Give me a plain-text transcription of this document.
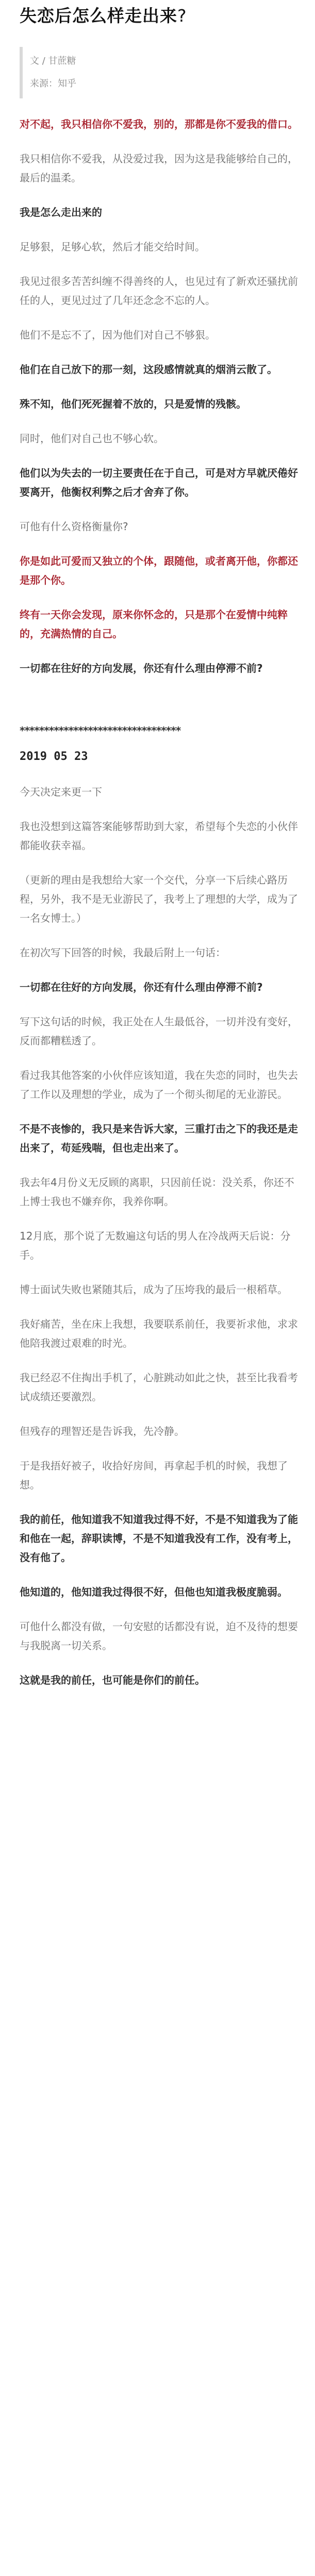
失恋后怎么样走出来?
文 / 甘蔗糖
来源：知乎

对不起，我只相信你不爱我，别的，那都是你不爱我的借口。

我只相信你不爱我，从没爱过我，因为这是我能够给自己的，最后的温柔。

我是怎么走出来的

足够狠，足够心软，然后才能交给时间。

我见过很多苦苦纠缠不得善终的人，也见过有了新欢还骚扰前任的人，更见过过了几年还念念不忘的人。

他们不是忘不了，因为他们对自己不够狠。

他们在自己放下的那一刻，这段感情就真的烟消云散了。

殊不知，他们死死握着不放的，只是爱情的残骸。

同时，他们对自己也不够心软。

他们以为失去的一切主要责任在于自己，可是对方早就厌倦好要离开，他衡权利弊之后才舍弃了你。

可他有什么资格衡量你?

你是如此可爱而又独立的个体，跟随他，或者离开他，你都还是那个你。

终有一天你会发现，原来你怀念的，只是那个在爱情中纯粹的，充满热情的自己。

一切都在往好的方向发展，你还有什么理由停滞不前?

*********************************
2019 05 23

今天决定来更一下

我也没想到这篇答案能够帮助到大家，希望每个失恋的小伙伴都能收获幸福。

（更新的理由是我想给大家一个交代，分享一下后续心路历程，另外，我不是无业游民了，我考上了理想的大学，成为了一名女博士。）

在初次写下回答的时候，我最后附上一句话：

一切都在往好的方向发展，你还有什么理由停滞不前?

写下这句话的时候，我正处在人生最低谷，一切并没有变好，反而都糟糕透了。

看过我其他答案的小伙伴应该知道，我在失恋的同时，也失去了工作以及理想的学业，成为了一个彻头彻尾的无业游民。

不是不丧惨的，我只是来告诉大家，三重打击之下的我还是走出来了，苟延残喘，但也走出来了。

我去年4月份义无反顾的离职，只因前任说：没关系，你还不上博士我也不嫌弃你，我养你啊。

12月底，那个说了无数遍这句话的男人在冷战两天后说：分手。

博士面试失败也紧随其后，成为了压垮我的最后一根稻草。

我好痛苦，坐在床上我想，我要联系前任，我要祈求他，求求他陪我渡过艰难的时光。

我已经忍不住掏出手机了，心脏跳动如此之快，甚至比我看考试成绩还要激烈。

但残存的理智还是告诉我，先冷静。

于是我捂好被子，收拾好房间，再拿起手机的时候，我想了想。

我的前任，他知道我不知道我过得不好，不是不知道我为了能和他在一起，辞职读博，不是不知道我没有工作，没有考上，没有他了。

他知道的，他知道我过得很不好，但他也知道我极度脆弱。

可他什么都没有做，一句安慰的话都没有说，迫不及待的想要与我脱离一切关系。

这就是我的前任，也可能是你们的前任。
